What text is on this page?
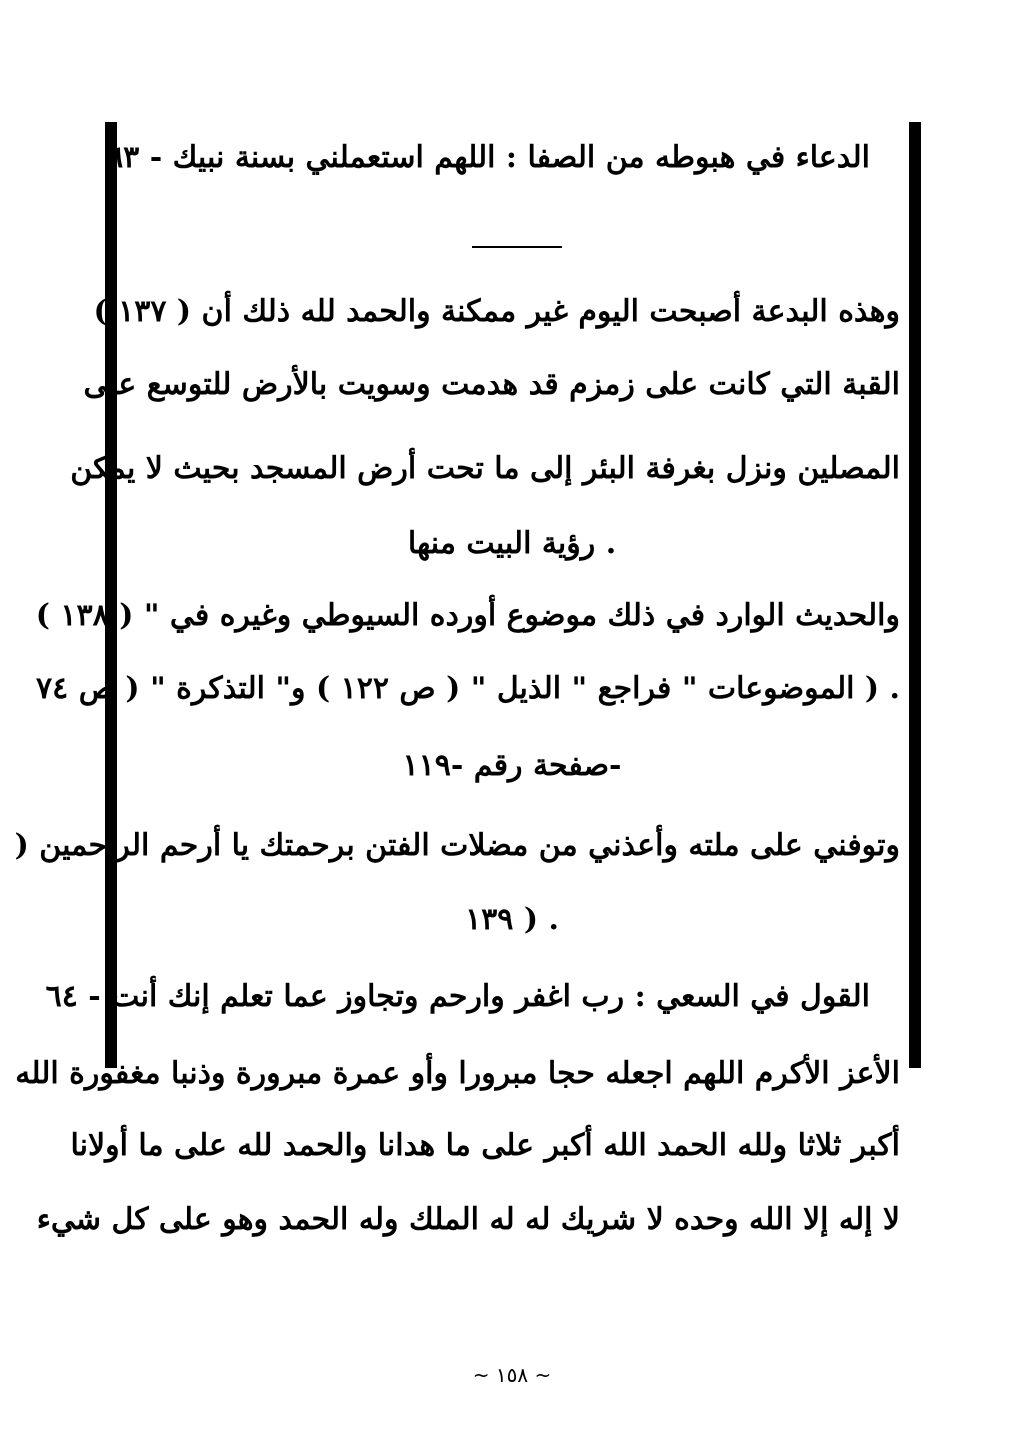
الدعاء في هبوطه من الصفا : اللهم استعملني بسنة نبيك - ٦٣
وهذه البدعة أصبحت اليوم غير ممكنة والحمد لله ذلك أن ( ١٣٧ )
القبة التي كانت على زمزم قد هدمت وسويت بالأرض للتوسع على
المصلين ونزل بغرفة البئر إلى ما تحت أرض المسجد بحيث لا يمكن
. رؤية البيت منها
والحديث الوارد في ذلك موضوع أورده السيوطي وغيره في " ( ١٣٨ )
. ( الموضوعات " فراجع " الذيل " ( ص ١٢٢ ) و" التذكرة " ( ص ٧٤
-صفحة رقم -١١٩
وتوفني على ملته وأعذني من مضلات الفتن برحمتك يا أرحم الراحمين (
. ( ١٣٩
القول في السعي : رب اغفر وارحم وتجاوز عما تعلم إنك أنت - ٦٤
الأعز الأكرم اللهم اجعله حجا مبرورا وأو عمرة مبرورة وذنبا مغفورة الله
أكبر ثلاثا ولله الحمد الله أكبر على ما هدانا والحمد لله على ما أولانا
لا إله إلا الله وحده لا شريك له له الملك وله الحمد وهو على كل شيء
~ ١٥٨ ~
